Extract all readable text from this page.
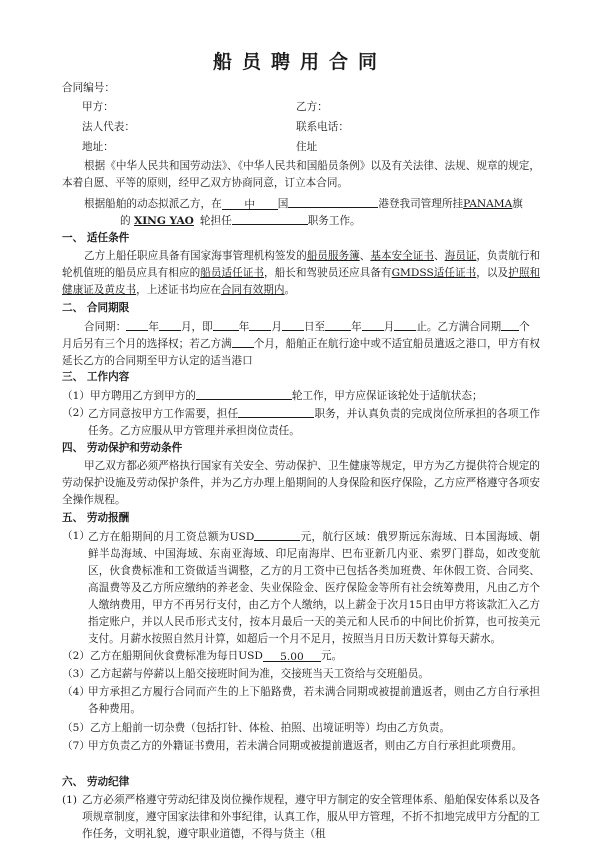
船员聘用合同
合同编号：
甲方：	乙方：
法人代表：	联系电话：
地址：	住址
根据《中华人民共和国劳动法》、《中华人民共和国船员条例》以及有关法律、法规、规章的规定，本着自愿、平等的原则，经甲乙双方协商同意，订立本合同。
根据船舶的动态拟派乙方，在 中 国	港登我司管理所挂PANAMA旗
的 XING YAO 轮担任	职务工作。
一、 适任条件
乙方上船任职应具备有国家海事管理机构签发的船员服务簿、基本安全证书、海员证，负责航行和轮机值班的船员应具有相应的船员适任证书，船长和驾驶员还应具备有GMDSS适任证书，以及护照和健康证及黄皮书，上述证书均应在合同有效期内。
二、 合同期限
合同期： 年 月，即 年 月 日至 年 月 止。乙方满合同期 个
月后另有三个月的选择权；若乙方满 个月，船舶正在航行途中或不适宜船员遣返之港口，甲方有权延长乙方的合同期至甲方认定的适当港口
三、 工作内容
（1）甲方聘用乙方到甲方的	轮工作，甲方应保证该轮处于适航状态；
（2）
乙方同意按甲方工作需要，担任	职务，并认真负责的完成岗位所承担的各项工作任务。乙方应服从甲方管理并承担岗位责任。
四、 劳动保护和劳动条件
甲乙双方都必须严格执行国家有关安全、劳动保护、卫生健康等规定，甲方为乙方提供符合规定的劳动保护设施及劳动保护条件，并为乙方办理上船期间的人身保险和医疗保险，乙方应严格遵守各项安全操作规程。
五、 劳动报酬
（1）
乙方在船期间的月工资总额为USD	元，航行区域：俄罗斯远东海域、日本国海域、朝鲜半岛海域、中国海域、东南亚海域、印尼南海岸、巴布亚新几内亚、索罗门群岛，如改变航区，伙食费标准和工资做适当调整，乙方的月工资中已包括各类加班费、年休假工资、合同奖、高温费等及乙方所应缴纳的养老金、失业保险金、医疗保险金等所有社会统筹费用，凡由乙方个人缴纳费用，甲方不再另行支付，由乙方个人缴纳，以上薪金于次月15日由甲方将该款汇入乙方指定账户，并以人民币形式支付，按本月最后一天的美元和人民币的中间比价折算，也可按美元支付。月薪水按照自然月计算，如超后一个月不足月，按照当月日历天数计算每天薪水。
（2）乙方在船期间伙食费标准为每日USD 5.00 元。
（3）乙方起薪与停薪以上船交接班时间为准，交接班当天工资给与交班船员。
（4）
甲方承担乙方履行合同而产生的上下船路费，若未满合同期或被提前遣返者，则由乙方自行承担各种费用。
（5）乙方上船前一切杂费（包括打针、体检、拍照、出境证明等）均由乙方负责。
（7）
甲方负责乙方的外籍证书费用，若未满合同期或被提前遣返者，则由乙方自行承担此项费用。
六、 劳动纪律
(1) 乙方必须严格遵守劳动纪律及岗位操作规程，遵守甲方制定的安全管理体系、船舶保安体系以及各项规章制度，遵守国家法律和外事纪律，认真工作，服从甲方管理，不折不扣地完成甲方分配的工作任务，文明礼貌，遵守职业道德，不得与货主（租
